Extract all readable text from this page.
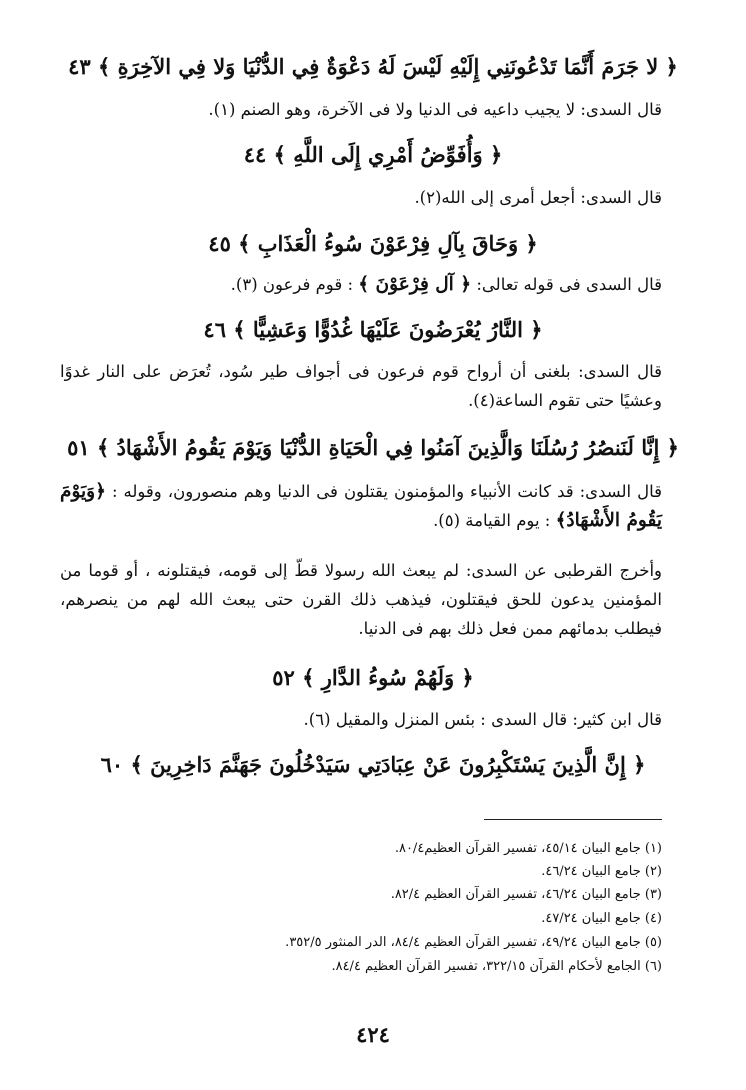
﴿ لا جَرَمَ أَنَّمَا تَدْعُونَنِي إِلَيْهِ لَيْسَ لَهُ دَعْوَةٌ فِي الدُّنْيَا وَلا فِي الآخِرَةِ ﴾ ٤٣
قال السدى: لا يجيب داعيه فى الدنيا ولا فى الآخرة، وهو الصنم (١).
﴿ وَأُفَوِّضُ أَمْرِي إِلَى اللَّهِ ﴾ ٤٤
قال السدى: أجعل أمرى إلى الله(٢).
﴿ وَحَاقَ بِآلِ فِرْعَوْنَ سُوءُ الْعَذَابِ ﴾ ٤٥
قال السدى فى قوله تعالى: ﴿ آل فِرْعَوْنَ ﴾ : قوم فرعون (٣).
﴿ النَّارُ يُعْرَضُونَ عَلَيْهَا غُدُوًّا وَعَشِيًّا ﴾ ٤٦
قال السدى: بلغنى أن أرواح قوم فرعون فى أجواف طير سُود، تُعرَض على النار غدوًا وعشيًا حتى تقوم الساعة(٤).
﴿ إِنَّا لَنَنصُرُ رُسُلَنَا وَالَّذِينَ آمَنُوا فِي الْحَيَاةِ الدُّنْيَا وَيَوْمَ يَقُومُ الأَشْهَادُ ﴾ ٥١
قال السدى: قد كانت الأنبياء والمؤمنون يقتلون فى الدنيا وهم منصورون، وقوله : ﴿وَيَوْمَ يَقُومُ الأَشْهَادُ﴾ : يوم القيامة (٥).
وأخرج القرطبى عن السدى: لم يبعث الله رسولا قطّ إلى قومه، فيقتلونه ، أو قوما من المؤمنين يدعون للحق فيقتلون، فيذهب ذلك القرن حتى يبعث الله لهم من ينصرهم، فيطلب بدمائهم ممن فعل ذلك بهم فى الدنيا.
﴿ وَلَهُمْ سُوءُ الدَّارِ ﴾ ٥٢
قال ابن كثير: قال السدى : بئس المنزل والمقيل (٦).
﴿ إِنَّ الَّذِينَ يَسْتَكْبِرُونَ عَنْ عِبَادَتِي سَيَدْخُلُونَ جَهَنَّمَ دَاخِرِينَ ﴾ ٦٠
(١) جامع البيان ٤٥/١٤، تفسير القرآن العظيم٨٠/٤.
(٢) جامع البيان ٤٦/٢٤.
(٣) جامع البيان ٤٦/٢٤، تفسير القرآن العظيم ٨٢/٤.
(٤) جامع البيان ٤٧/٢٤.
(٥) جامع البيان ٤٩/٢٤، تفسير القرآن العظيم ٨٤/٤، الدر المنثور ٣٥٢/٥.
(٦) الجامع لأحكام القرآن ٣٢٢/١٥، تفسير القرآن العظيم ٨٤/٤.
٤٢٤
